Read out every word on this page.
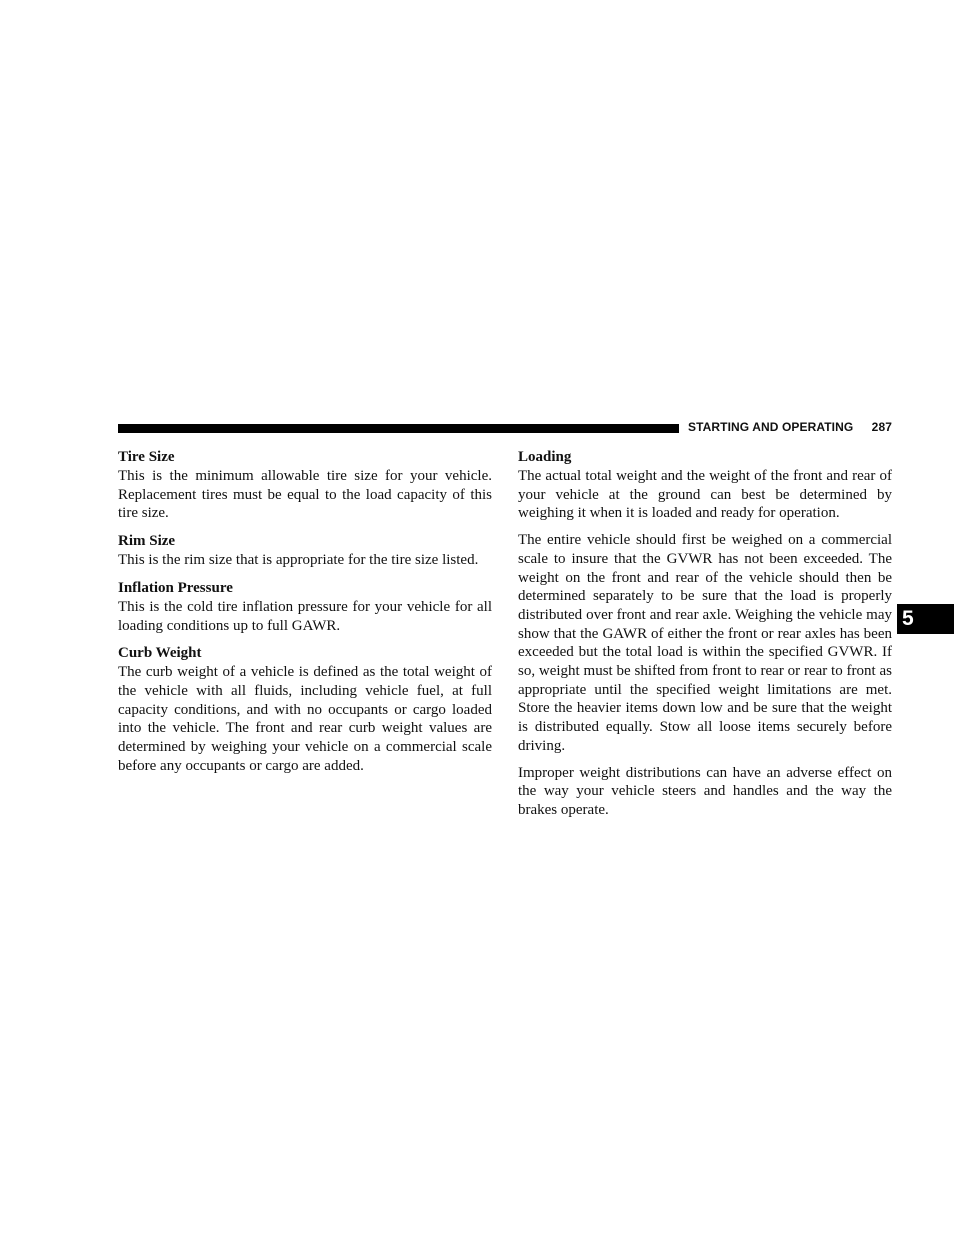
STARTING AND OPERATING 287
5
Tire Size

This is the minimum allowable tire size for your vehicle. Replacement tires must be equal to the load capacity of this tire size.

Rim Size

This is the rim size that is appropriate for the tire size listed.

Inflation Pressure

This is the cold tire inflation pressure for your vehicle for all loading conditions up to full GAWR.

Curb Weight

The curb weight of a vehicle is defined as the total weight of the vehicle with all fluids, including vehicle fuel, at full capacity conditions, and with no occupants or cargo loaded into the vehicle. The front and rear curb weight values are determined by weighing your vehicle on a commercial scale before any occupants or cargo are added.

Loading

The actual total weight and the weight of the front and rear of your vehicle at the ground can best be determined by weighing it when it is loaded and ready for operation.

The entire vehicle should first be weighed on a commercial scale to insure that the GVWR has not been exceeded. The weight on the front and rear of the vehicle should then be determined separately to be sure that the load is properly distributed over front and rear axle. Weighing the vehicle may show that the GAWR of either the front or rear axles has been exceeded but the total load is within the specified GVWR. If so, weight must be shifted from front to rear or rear to front as appropriate until the specified weight limitations are met. Store the heavier items down low and be sure that the weight is distributed equally. Stow all loose items securely before driving.

Improper weight distributions can have an adverse effect on the way your vehicle steers and handles and the way the brakes operate.
